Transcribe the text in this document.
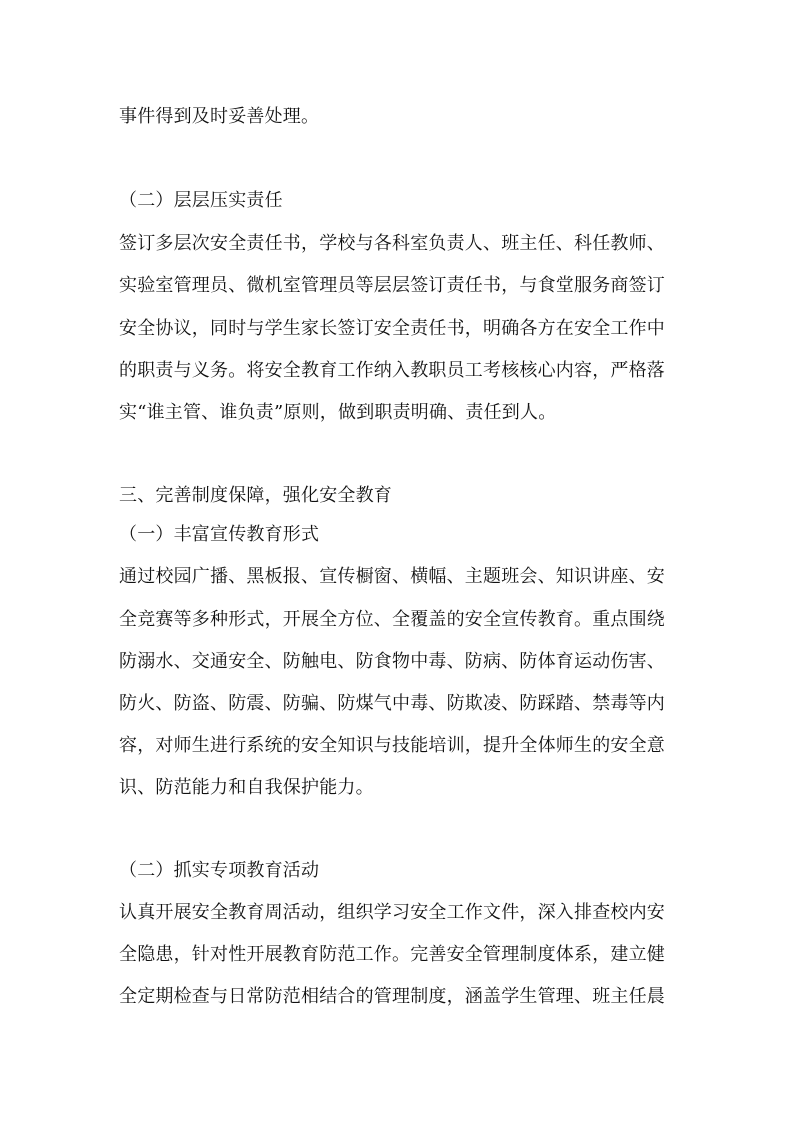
事件得到及时妥善处理。
（二）层层压实责任
签订多层次安全责任书，学校与各科室负责人、班主任、科任教师、
实验室管理员、微机室管理员等层层签订责任书，与食堂服务商签订
安全协议，同时与学生家长签订安全责任书，明确各方在安全工作中
的职责与义务。将安全教育工作纳入教职员工考核核心内容，严格落
实“谁主管、谁负责”原则，做到职责明确、责任到人。
三、完善制度保障，强化安全教育
（一）丰富宣传教育形式
通过校园广播、黑板报、宣传橱窗、横幅、主题班会、知识讲座、安
全竞赛等多种形式，开展全方位、全覆盖的安全宣传教育。重点围绕
防溺水、交通安全、防触电、防食物中毒、防病、防体育运动伤害、
防火、防盗、防震、防骗、防煤气中毒、防欺凌、防踩踏、禁毒等内
容，对师生进行系统的安全知识与技能培训，提升全体师生的安全意
识、防范能力和自我保护能力。
（二）抓实专项教育活动
认真开展安全教育周活动，组织学习安全工作文件，深入排查校内安
全隐患，针对性开展教育防范工作。完善安全管理制度体系，建立健
全定期检查与日常防范相结合的管理制度，涵盖学生管理、班主任晨
